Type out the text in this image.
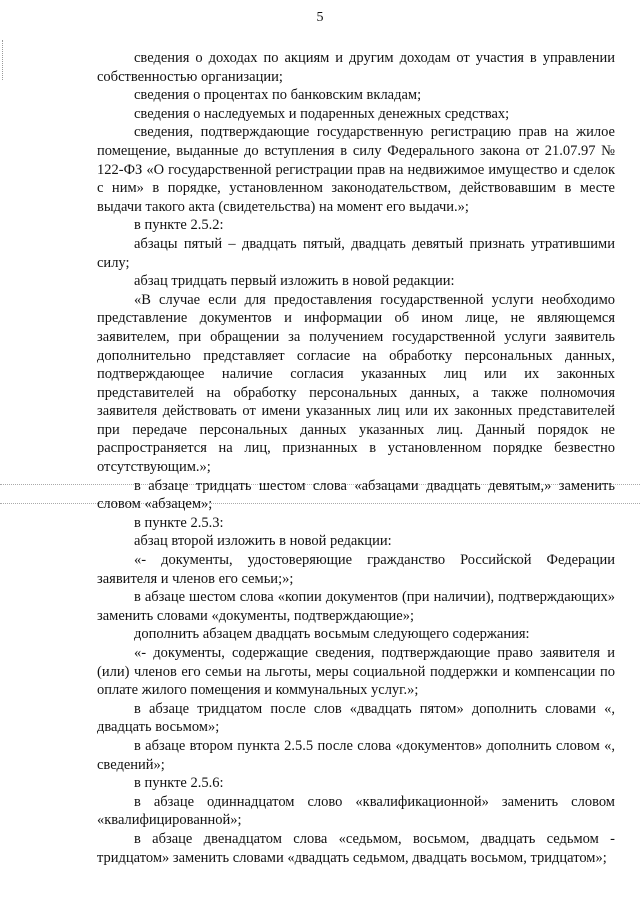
5

сведения о доходах по акциям и другим доходам от участия в управлении собственностью организации;

сведения о процентах по банковским вкладам;

сведения о наследуемых и подаренных денежных средствах;

сведения, подтверждающие государственную регистрацию прав на жилое помещение, выданные до вступления в силу Федерального закона от 21.07.97 № 122-ФЗ «О государственной регистрации прав на недвижимое имущество и сделок с ним» в порядке, установленном законодательством, действовавшим в месте выдачи такого акта (свидетельства) на момент его выдачи.»;

в пункте 2.5.2:

абзацы пятый – двадцать пятый, двадцать девятый признать утратившими силу;

абзац тридцать первый изложить в новой редакции:

«В случае если для предоставления государственной услуги необходимо представление документов и информации об ином лице, не являющемся заявителем, при обращении за получением государственной услуги заявитель дополнительно представляет согласие на обработку персональных данных, подтверждающее наличие согласия указанных лиц или их законных представителей на обработку персональных данных, а также полномочия заявителя действовать от имени указанных лиц или их законных представителей при передаче персональных данных указанных лиц. Данный порядок не распространяется на лиц, признанных в установленном порядке безвестно отсутствующим.»;

в абзаце тридцать шестом слова «абзацами двадцать девятым,» заменить словом «абзацем»;

в пункте 2.5.3:

абзац второй изложить в новой редакции:

«- документы, удостоверяющие гражданство Российской Федерации заявителя и членов его семьи;»;

в абзаце шестом слова «копии документов (при наличии), подтверждающих» заменить словами «документы, подтверждающие»;

дополнить абзацем двадцать восьмым следующего содержания:

«- документы, содержащие сведения, подтверждающие право заявителя и (или) членов его семьи на льготы, меры социальной поддержки и компенсации по оплате жилого помещения и коммунальных услуг.»;

в абзаце тридцатом после слов «двадцать пятом» дополнить словами «, двадцать восьмом»;

в абзаце втором пункта 2.5.5 после слова «документов» дополнить словом «, сведений»;

в пункте 2.5.6:

в абзаце одиннадцатом слово «квалификационной» заменить словом «квалифицированной»;

в абзаце двенадцатом слова «седьмом, восьмом, двадцать седьмом - тридцатом» заменить словами «двадцать седьмом, двадцать восьмом, тридцатом»;
